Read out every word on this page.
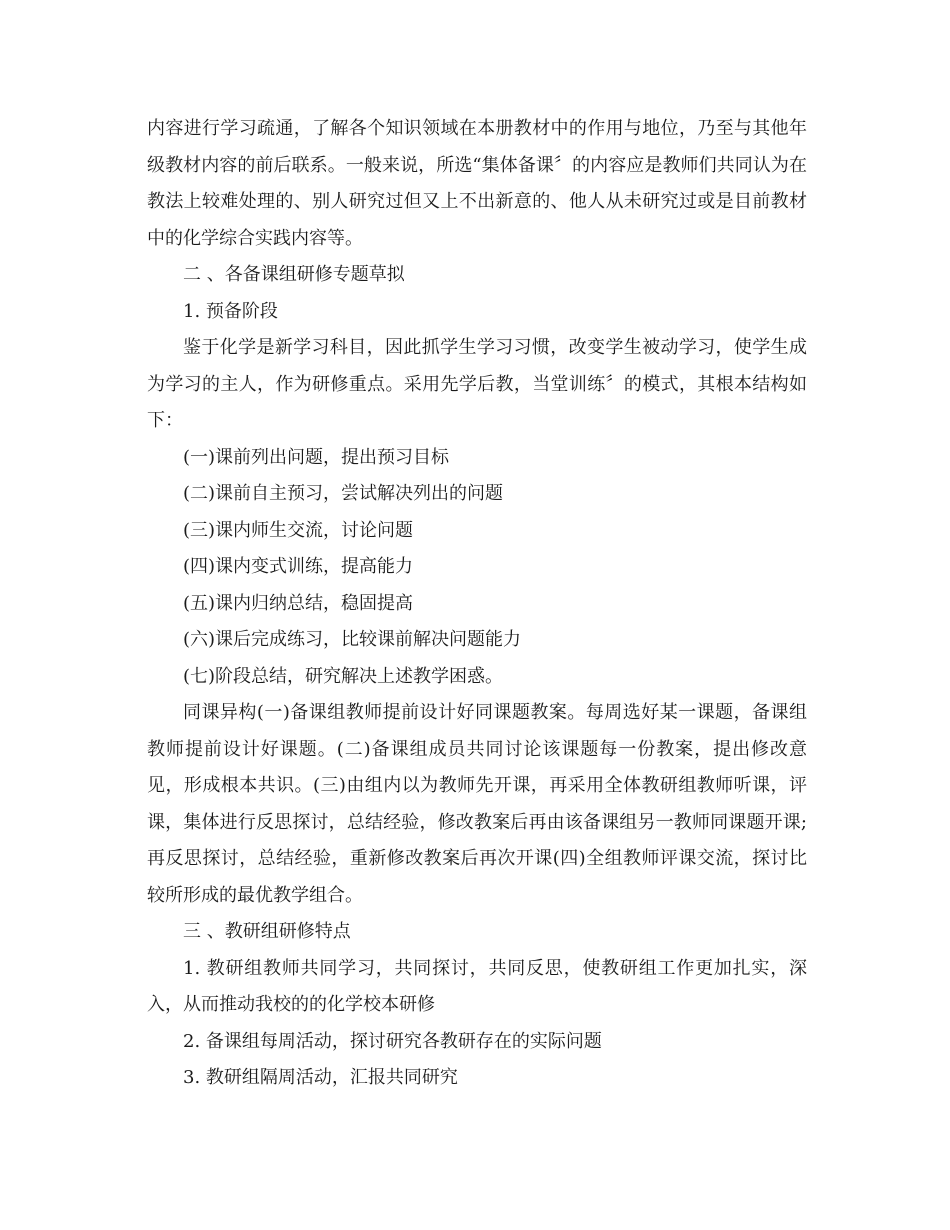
内容进行学习疏通，了解各个知识领域在本册教材中的作用与地位，乃至与其他年级教材内容的前后联系。一般来说，所选“集体备课〞的内容应是教师们共同认为在教法上较难处理的、别人研究过但又上不出新意的、他人从未研究过或是目前教材中的化学综合实践内容等。

二 、各备课组研修专题草拟

1. 预备阶段

鉴于化学是新学习科目，因此抓学生学习习惯，改变学生被动学习，使学生成为学习的主人，作为研修重点。采用先学后教，当堂训练〞的模式，其根本结构如下：

(一)课前列出问题，提出预习目标

(二)课前自主预习，尝试解决列出的问题

(三)课内师生交流，讨论问题

(四)课内变式训练，提高能力

(五)课内归纳总结，稳固提高

(六)课后完成练习，比较课前解决问题能力

(七)阶段总结，研究解决上述教学困惑。

同课异构(一)备课组教师提前设计好同课题教案。每周选好某一课题，备课组教师提前设计好课题。(二)备课组成员共同讨论该课题每一份教案，提出修改意见，形成根本共识。(三)由组内以为教师先开课，再采用全体教研组教师听课，评课，集体进行反思探讨，总结经验，修改教案后再由该备课组另一教师同课题开课;再反思探讨，总结经验，重新修改教案后再次开课(四)全组教师评课交流，探讨比较所形成的最优教学组合。

三 、教研组研修特点

1. 教研组教师共同学习，共同探讨，共同反思，使教研组工作更加扎实，深入，从而推动我校的的化学校本研修

2. 备课组每周活动，探讨研究各教研存在的实际问题

3. 教研组隔周活动，汇报共同研究
